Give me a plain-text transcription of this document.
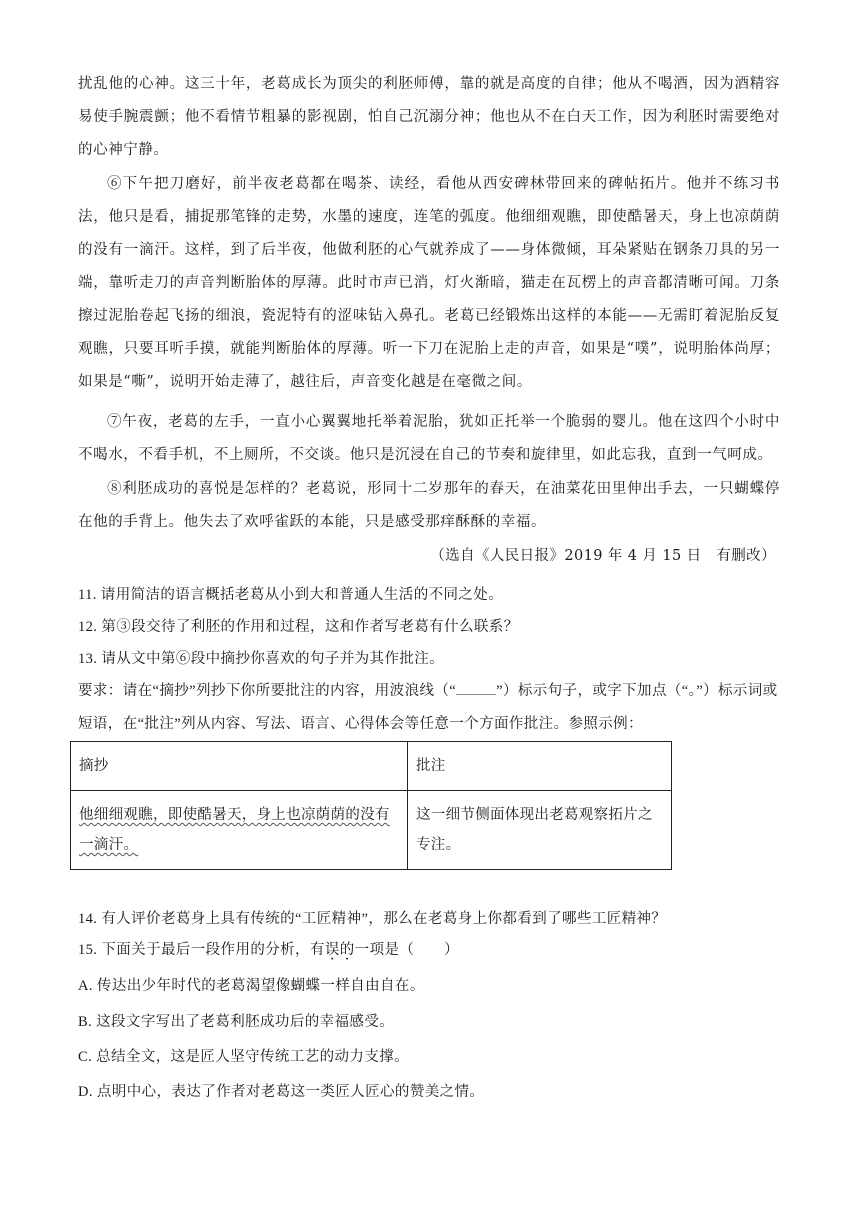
扰乱他的心神。这三十年，老葛成长为顶尖的利胚师傅，靠的就是高度的自律；他从不喝酒，因为酒精容易使手腕震颤；他不看情节粗暴的影视剧，怕自己沉溺分神；他也从不在白天工作，因为利胚时需要绝对的心神宁静。
⑥下午把刀磨好，前半夜老葛都在喝茶、读经，看他从西安碑林带回来的碑帖拓片。他并不练习书法，他只是看，捕捉那笔锋的走势，水墨的速度，连笔的弧度。他细细观瞧，即使酷暑天，身上也凉荫荫的没有一滴汗。这样，到了后半夜，他做利胚的心气就养成了——身体微倾，耳朵紧贴在钢条刀具的另一端，靠听走刀的声音判断胎体的厚薄。此时市声已消，灯火渐暗，猫走在瓦楞上的声音都清晰可闻。刀条擦过泥胎卷起飞扬的细浪，瓷泥特有的涩味钻入鼻孔。老葛已经锻炼出这样的本能——无需盯着泥胎反复观瞧，只要耳听手摸，就能判断胎体的厚薄。听一下刀在泥胎上走的声音，如果是“噗”，说明胎体尚厚；如果是“嘶”，说明开始走薄了，越往后，声音变化越是在毫微之间。
⑦午夜，老葛的左手，一直小心翼翼地托举着泥胎，犹如正托举一个脆弱的婴儿。他在这四个小时中不喝水，不看手机，不上厕所，不交谈。他只是沉浸在自己的节奏和旋律里，如此忘我，直到一气呵成。
⑧利胚成功的喜悦是怎样的？老葛说，形同十二岁那年的春天，在油菜花田里伸出手去，一只蝴蝶停在他的手背上。他失去了欢呼雀跃的本能，只是感受那痒酥酥的幸福。
（选自《人民日报》2019 年 4 月 15 日　有删改）
11. 请用简洁的语言概括老葛从小到大和普通人生活的不同之处。
12. 第③段交待了利胚的作用和过程，这和作者写老葛有什么联系？
13. 请从文中第⑥段中摘抄你喜欢的句子并为其作批注。
要求：请在“摘抄”列抄下你所要批注的内容，用波浪线（“	”）标示句子，或字下加点（“。”）标示词或短语，在“批注”列从内容、写法、语言、心得体会等任意一个方面作批注。参照示例：
摘抄	批注
他细细观瞧，即使酷暑天，身上也凉荫荫的没有一滴汗。	这一细节侧面体现出老葛观察拓片之专注。
14. 有人评价老葛身上具有传统的“工匠精神”，那么在老葛身上你都看到了哪些工匠精神？
15. 下面关于最后一段作用的分析，有误的一项是（　　）
A. 传达出少年时代的老葛渴望像蝴蝶一样自由自在。
B. 这段文字写出了老葛利胚成功后的幸福感受。
C. 总结全文，这是匠人坚守传统工艺的动力支撑。
D. 点明中心，表达了作者对老葛这一类匠人匠心的赞美之情。
